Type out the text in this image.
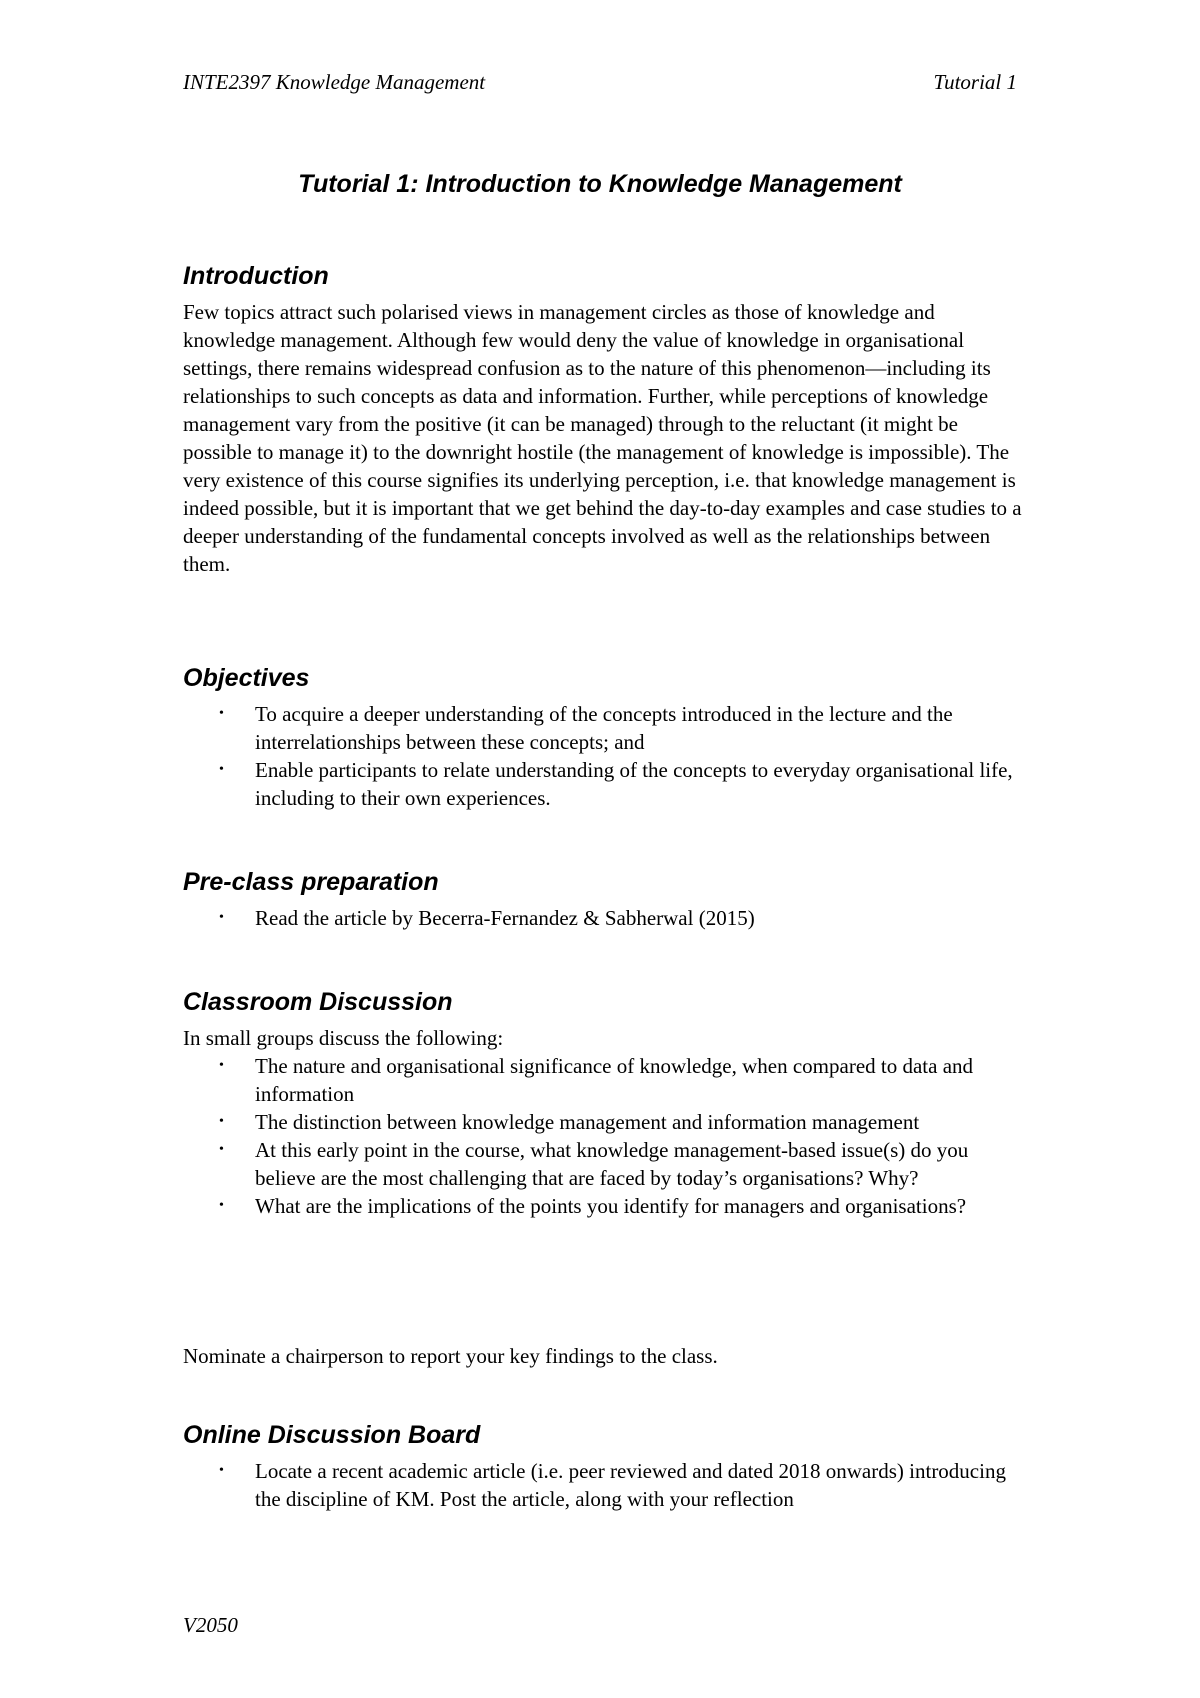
INTE2397 Knowledge Management	Tutorial 1
Tutorial 1: Introduction to Knowledge Management
Introduction

Few topics attract such polarised views in management circles as those of knowledge and knowledge management. Although few would deny the value of knowledge in organisational settings, there remains widespread confusion as to the nature of this phenomenon—including its relationships to such concepts as data and information. Further, while perceptions of knowledge management vary from the positive (it can be managed) through to the reluctant (it might be possible to manage it) to the downright hostile (the management of knowledge is impossible). The very existence of this course signifies its underlying perception, i.e. that knowledge management is indeed possible, but it is important that we get behind the day-to-day examples and case studies to a deeper understanding of the fundamental concepts involved as well as the relationships between them.

Objectives
• To acquire a deeper understanding of the concepts introduced in the lecture and the interrelationships between these concepts; and
• Enable participants to relate understanding of the concepts to everyday organisational life, including to their own experiences.
Pre-class preparation
• Read the article by Becerra-Fernandez & Sabherwal (2015)
Classroom Discussion

In small groups discuss the following:

• The nature and organisational significance of knowledge, when compared to data and information
• The distinction between knowledge management and information management
• At this early point in the course, what knowledge management-based issue(s) do you believe are the most challenging that are faced by today’s organisations? Why?
• What are the implications of the points you identify for managers and organisations?

Nominate a chairperson to report your key findings to the class.

Online Discussion Board
• Locate a recent academic article (i.e. peer reviewed and dated 2018 onwards) introducing the discipline of KM. Post the article, along with your reflection
V2050
